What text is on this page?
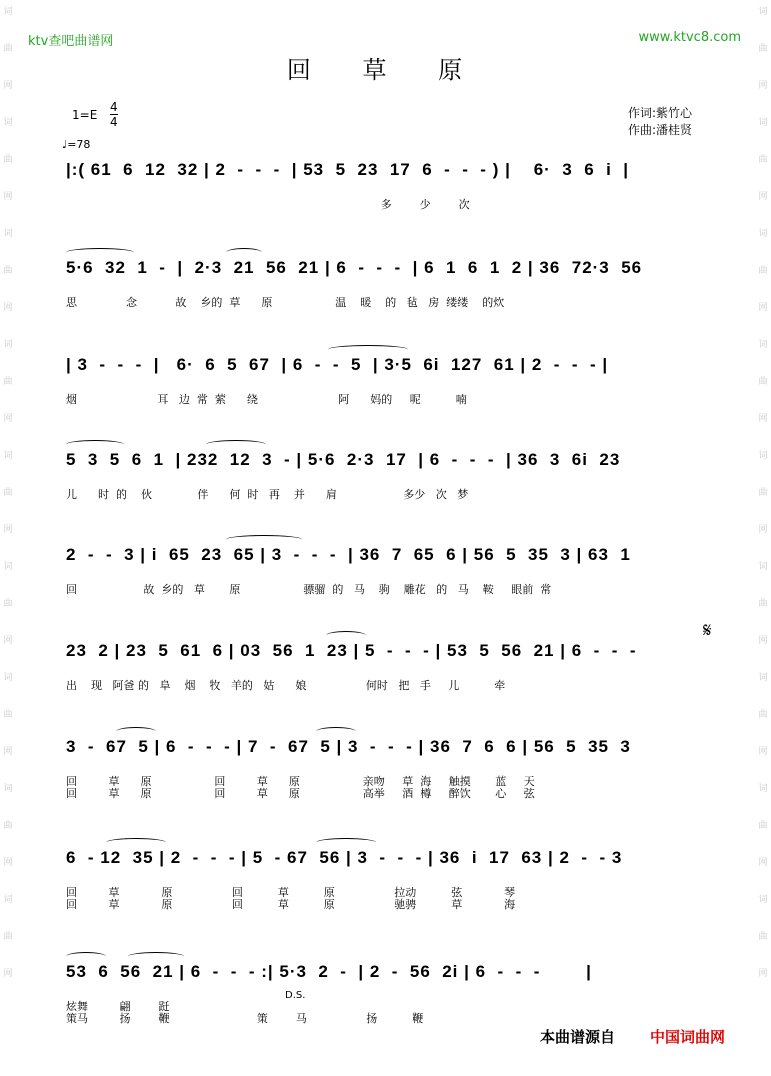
词
曲
网
词
曲
网
词
曲
网
词
曲
网
词
曲
网
词
曲
网
词
曲
网
词
曲
网
词
曲
网
词
曲
网
词
曲
网
词
曲
网
词
曲
网
词
曲
网
词
曲
网
词
曲
网
词
曲
网
词
曲
网
ktv查吧曲谱网	www.ktvc8.com
回 草 原
1=E
4
4
♩=78
作词:紫竹心
作曲:潘桂贤
|:( 61  6  12  32 | 2  -  -  -  | 53  5  23  17  6  -  -  - ) |    6·  3  6  i  |
多        少        次
5·6  32  1  -  |  2·3  21  56  21 | 6  -  -  -  | 6  1  6  1  2 | 36  72·3  56
思              念           故    乡的  草      原                  温    暖    的   毡   房  缕缕    的炊
| 3  -  -  -  |   6·  6  5  67  | 6  -  -  5  | 3·5  6i  127  61 | 2  -  -  - |
烟                       耳   边  常  萦      绕                       阿      妈的     呢          喃
5  3  5  6  1  | 232  12  3  - | 5·6  2·3  17  | 6  -  -  -  | 36  3  6i  23
儿      时  的    伙             伴      何  时   再    并      肩                   多少   次   梦
2  -  -  3 | i  65  23  65 | 3  -  -  -  | 36  7  65  6 | 56  5  35  3 | 63  1
回                   故  乡的   草       原                  骠骝  的   马    驹    雕花   的   马    鞍     眼前  常
23  2 | 23  5  61  6 | 03  56  1  23 | 5  -  -  - | 53  5  56  21 | 6  -  -  -
出    现   阿爸 的   阜    烟    牧   羊的   姑      娘                 何时   把   手     儿          牵
𝄋
3  -  67  5 | 6  -  -  - | 7  -  67  5 | 3  -  -  - | 36  7  6  6 | 56  5  35  3
回         草      原                  回         草      原                  亲吻     草  海     触摸       蓝     天
回         草      原                  回         草      原                  高举     酒  樽     醉饮       心     弦
6  - 12  35 | 2  -  -  - | 5  - 67  56 | 3  -  -  - | 36  i  17  63 | 2  -  - 3
回         草            原                 回          草          原                 拉动          弦            琴
回         草            原                 回          草          原                 驰骋          草            海
53  6  56  21 | 6  -  -  - :| 5·3  2  -  | 2  -  56  2i | 6  -  -  -        |
炫舞         翩        跹
策马         扬        鞭                         策        马                 扬          鞭
D.S.
本曲谱源自 中国词曲网
